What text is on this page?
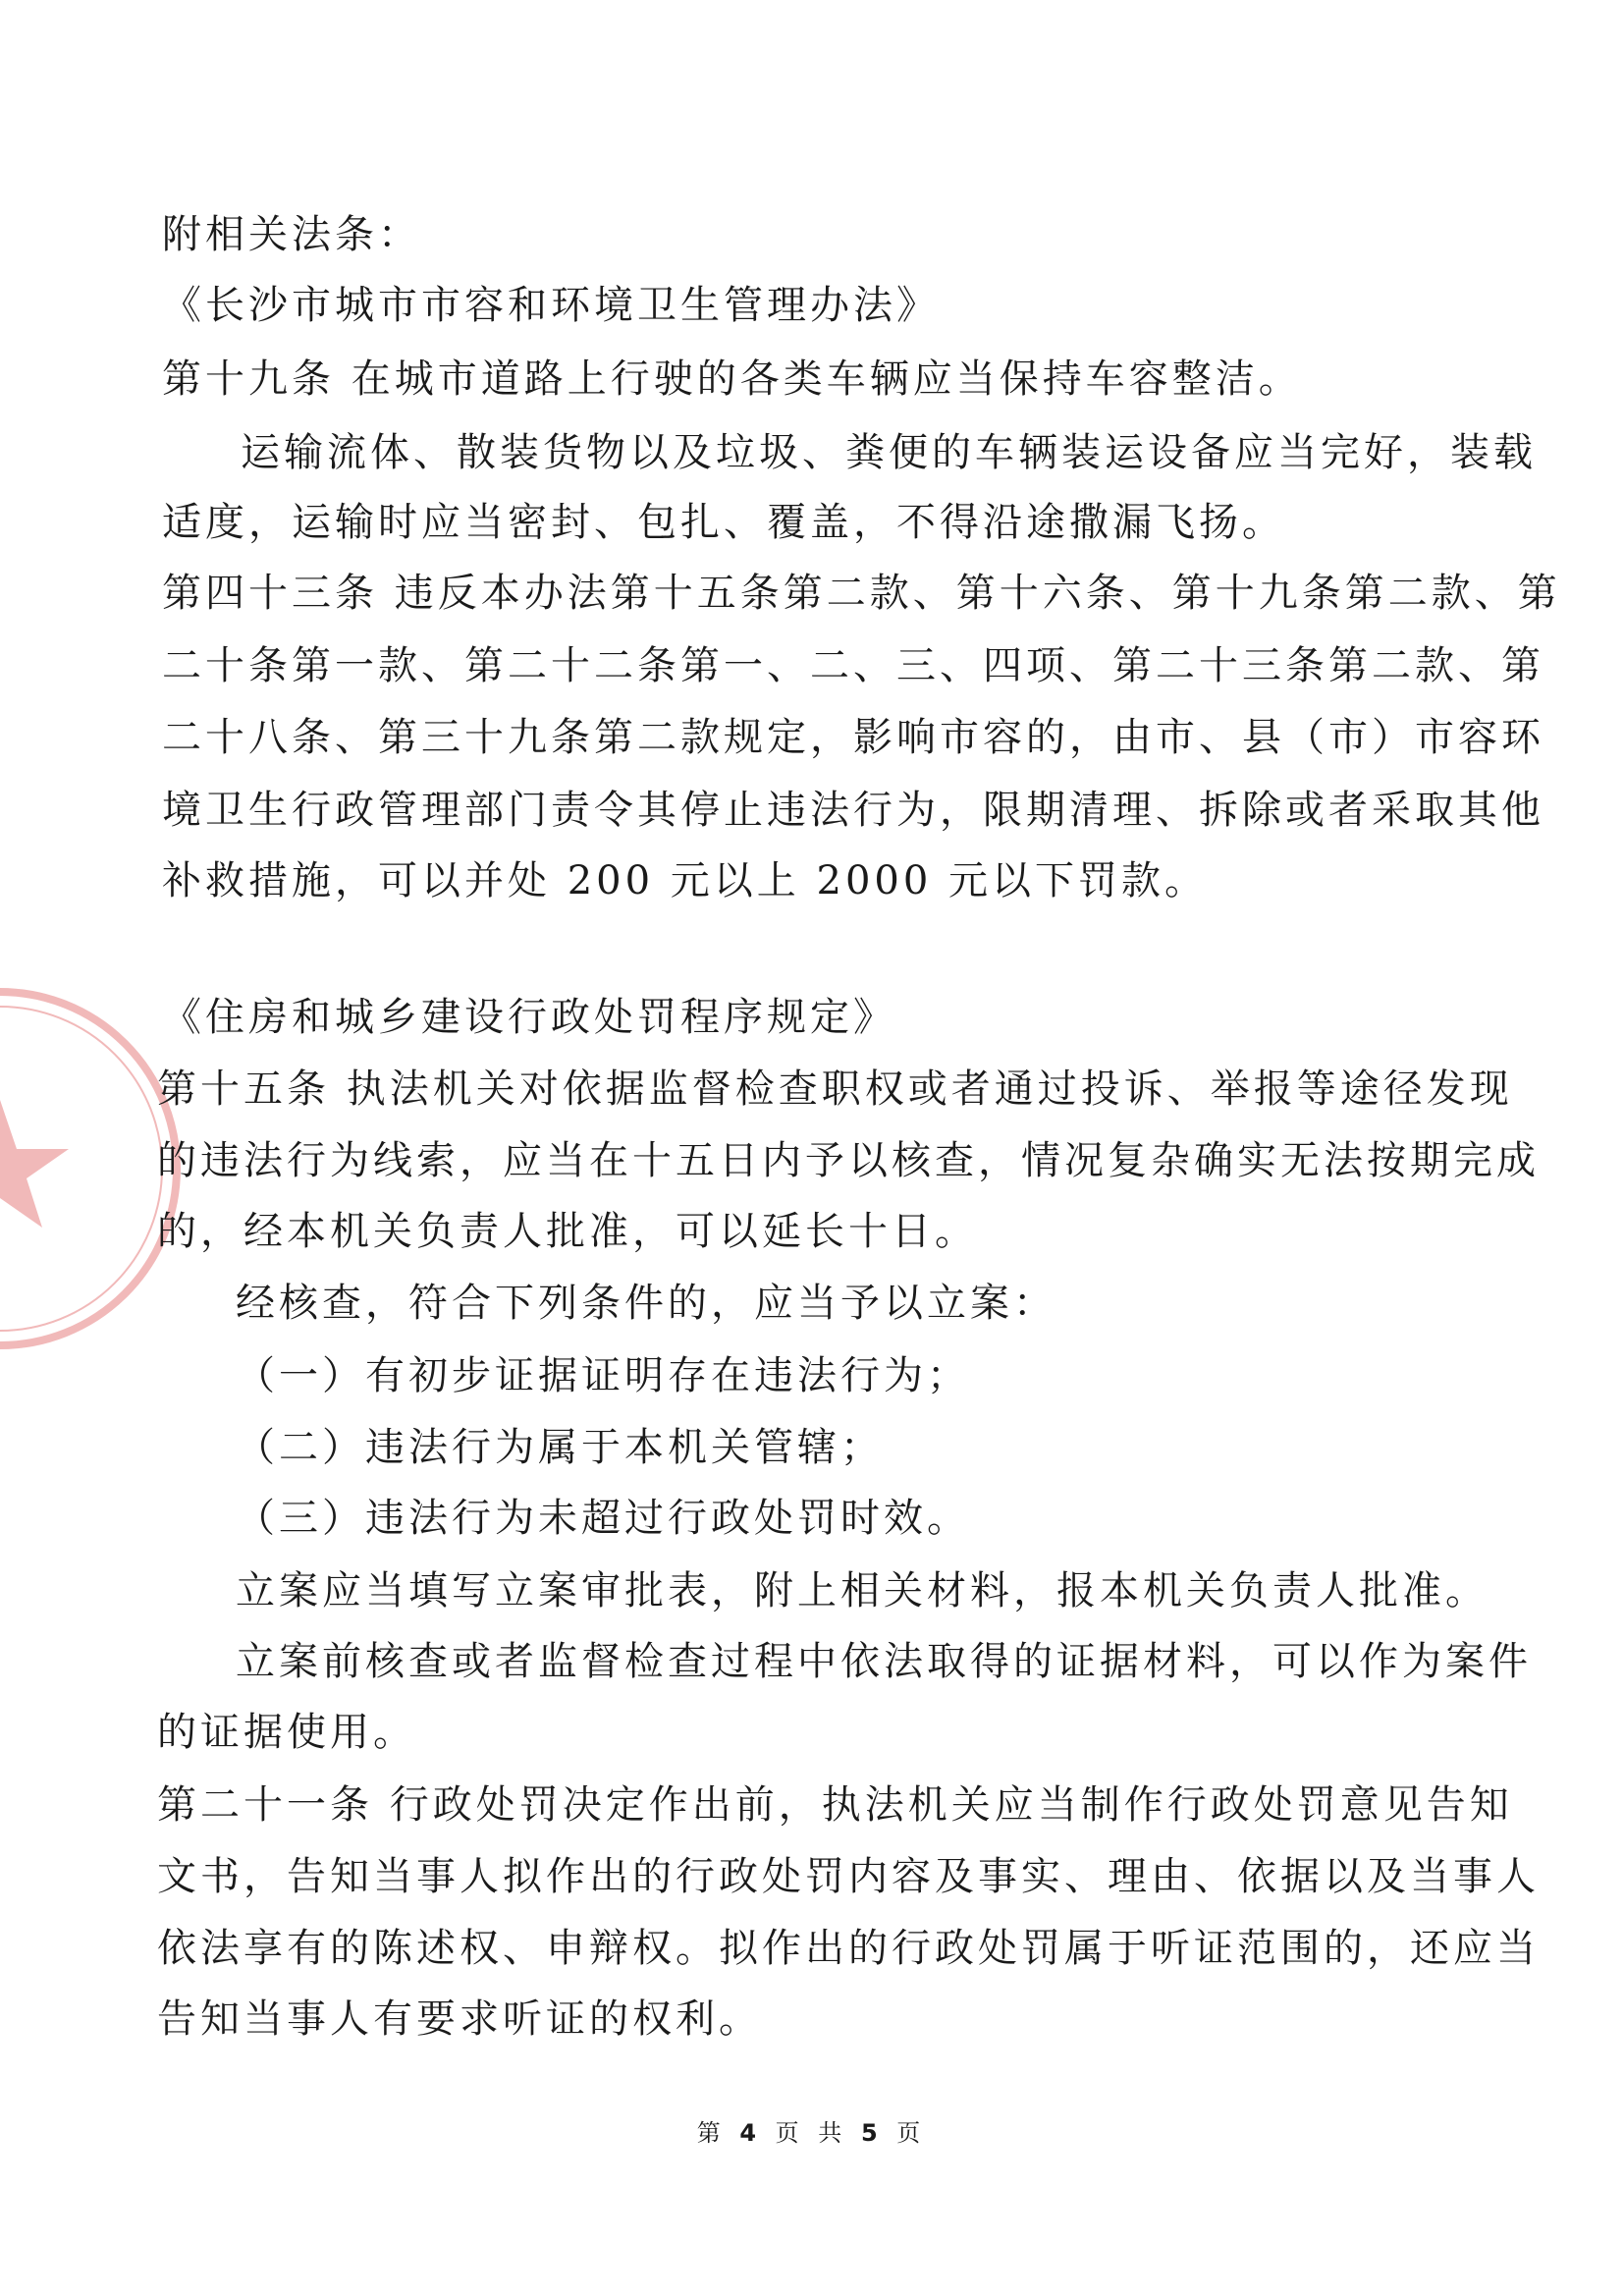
附相关法条：

《长沙市城市市容和环境卫生管理办法》

第十九条 在城市道路上行驶的各类车辆应当保持车容整洁。

运输流体、散装货物以及垃圾、粪便的车辆装运设备应当完好，装载

适度，运输时应当密封、包扎、覆盖，不得沿途撒漏飞扬。

第四十三条 违反本办法第十五条第二款、第十六条、第十九条第二款、第

二十条第一款、第二十二条第一、二、三、四项、第二十三条第二款、第

二十八条、第三十九条第二款规定，影响市容的，由市、县（市）市容环

境卫生行政管理部门责令其停止违法行为，限期清理、拆除或者采取其他

补救措施，可以并处 200 元以上 2000 元以下罚款。

《住房和城乡建设行政处罚程序规定》

第十五条 执法机关对依据监督检查职权或者通过投诉、举报等途径发现

的违法行为线索，应当在十五日内予以核查，情况复杂确实无法按期完成

的，经本机关负责人批准，可以延长十日。

经核查，符合下列条件的，应当予以立案：

（一）有初步证据证明存在违法行为；

（二）违法行为属于本机关管辖；

（三）违法行为未超过行政处罚时效。

立案应当填写立案审批表，附上相关材料，报本机关负责人批准。

立案前核查或者监督检查过程中依法取得的证据材料，可以作为案件

的证据使用。

第二十一条 行政处罚决定作出前，执法机关应当制作行政处罚意见告知

文书，告知当事人拟作出的行政处罚内容及事实、理由、依据以及当事人

依法享有的陈述权、申辩权。拟作出的行政处罚属于听证范围的，还应当

告知当事人有要求听证的权利。

第 4 页 共 5 页
